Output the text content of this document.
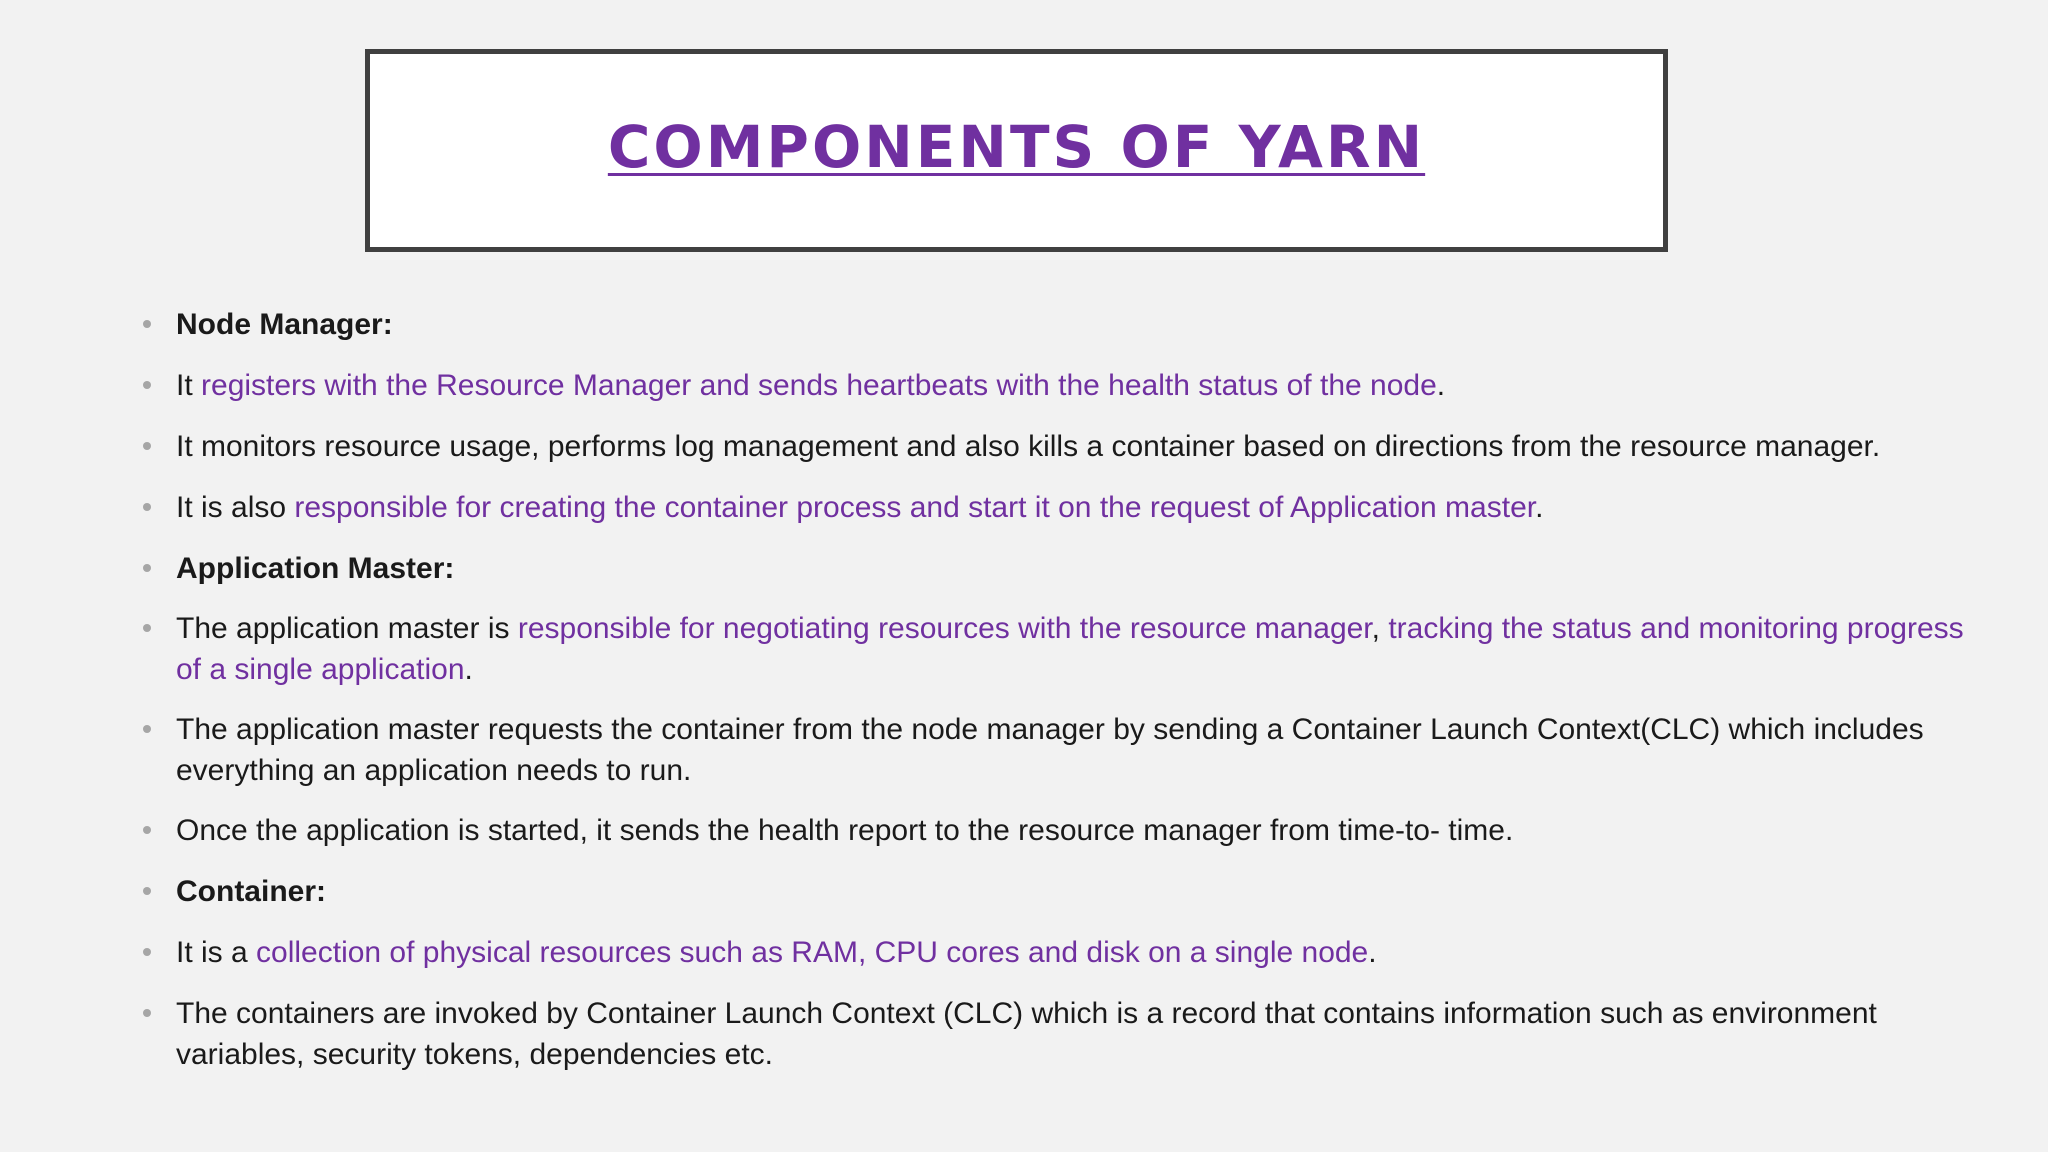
COMPONENTS OF YARN
Node Manager:
It registers with the Resource Manager and sends heartbeats with the health status of the node.
It monitors resource usage, performs log management and also kills a container based on directions from the resource manager.
It is also responsible for creating the container process and start it on the request of Application master.
Application Master:
The application master is responsible for negotiating resources with the resource manager, tracking the status and monitoring progress of a single application.
The application master requests the container from the node manager by sending a Container Launch Context(CLC) which includes everything an application needs to run.
Once the application is started, it sends the health report to the resource manager from time-to- time.
Container:
It is a collection of physical resources such as RAM, CPU cores and disk on a single node.
The containers are invoked by Container Launch Context (CLC) which is a record that contains information such as environment variables, security tokens, dependencies etc.
